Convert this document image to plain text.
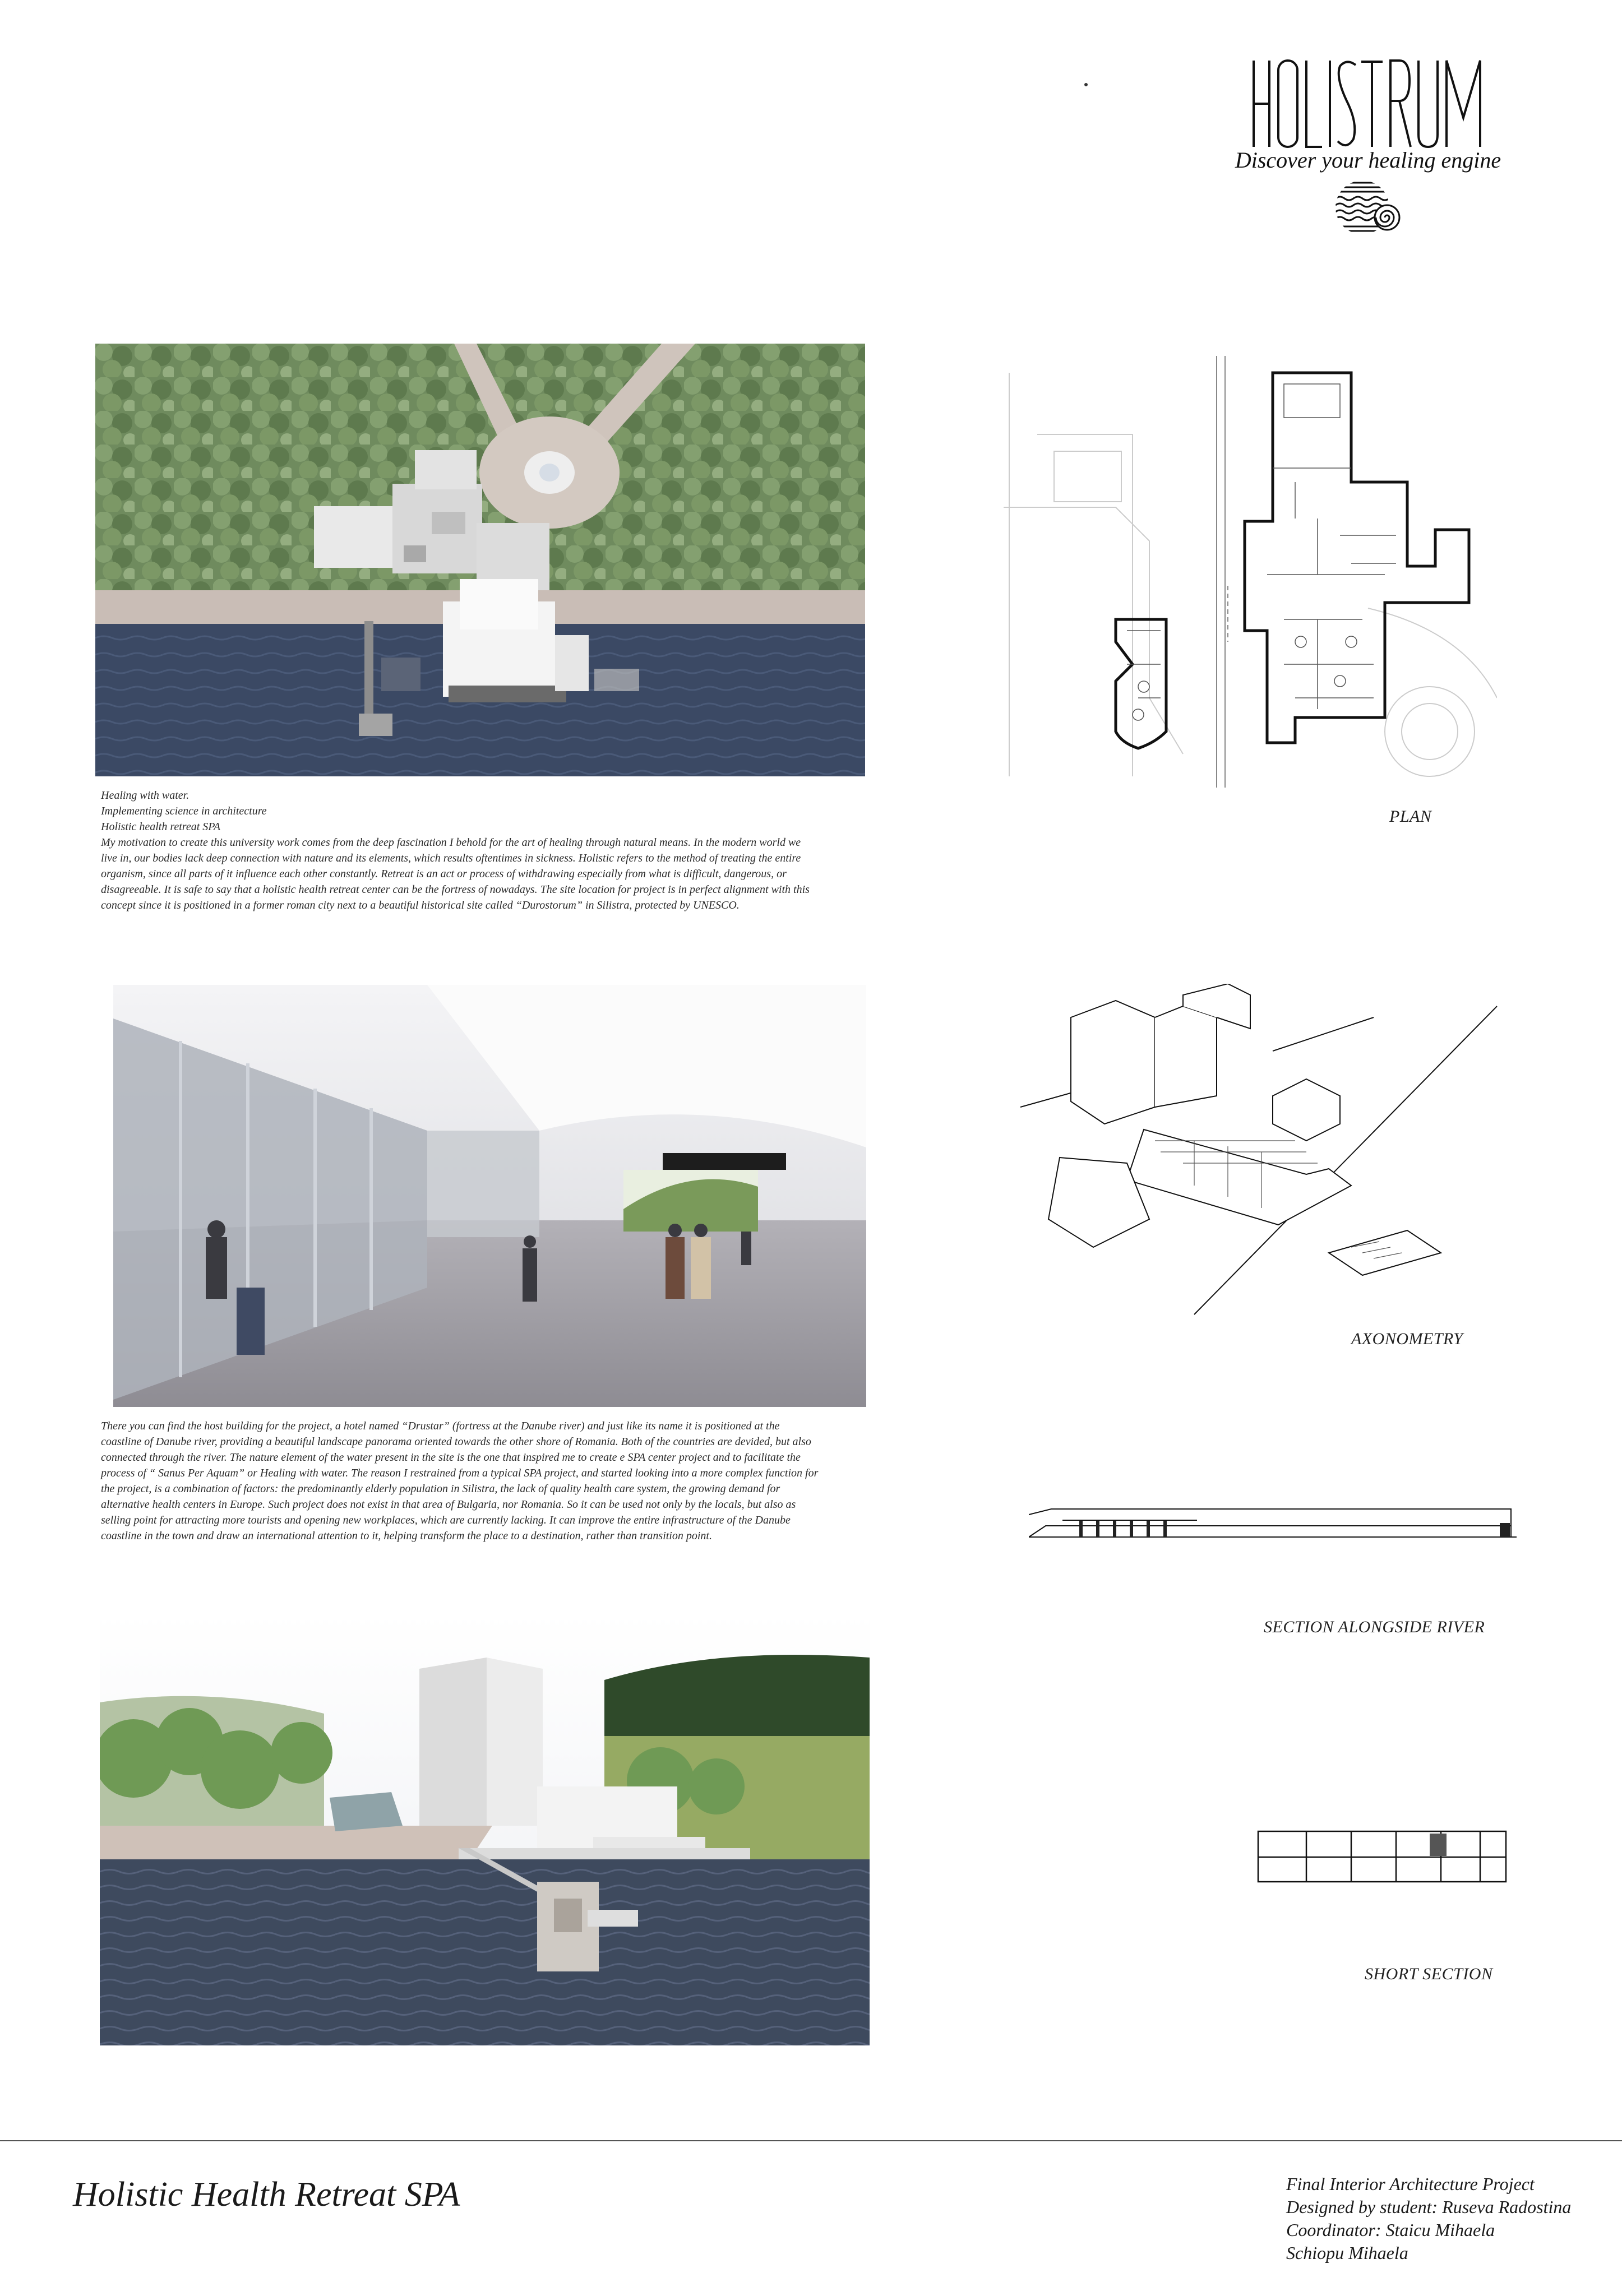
Discover your healing engine
Healing with water.
Implementing science in architecture
Holistic health retreat SPA
My motivation to create this university work comes from the deep fascination I behold for the art of healing through natural means. In the modern world we live in, our bodies lack deep connection with nature and its elements, which results oftentimes in sickness. Holistic refers to the method of treating the entire organism, since all parts of it influence each other constantly. Retreat is an act or process of withdrawing especially from what is difficult, dangerous, or disagreeable. It is safe to say that a holistic health retreat center can be the fortress of nowadays. The site location for project is in perfect alignment with this concept since it is positioned in a former roman city next to a beautiful historical site called “Durostorum” in Silistra, protected by UNESCO.
PLAN
AXONOMETRY
There you can find the host building for the project, a hotel named “Drustar” (fortress at the Danube river) and just like its name it is positioned at the coastline of Danube river, providing a beautiful landscape panorama oriented towards the other shore of Romania. Both of the countries are devided, but also connected through the river. The nature element of the water present in the site is the one that inspired me to create e SPA center project and to facilitate the process of “ Sanus Per Aquam” or Healing with water. The reason I restrained from a typical SPA project, and started looking into a more complex function for the project, is a combination of factors: the predominantly elderly population in Silistra, the lack of quality health care system, the growing demand for alternative health centers in Europe. Such project does not exist in that area of Bulgaria, nor Romania. So it can be used not only by the locals, but also as selling point for attracting more tourists and opening new workplaces, which are currently lacking. It can improve the entire infrastructure of the Danube coastline in the town and draw an international attention to it, helping transform the place to a destination, rather than transition point.
SECTION ALONGSIDE RIVER
SHORT SECTION
Holistic Health Retreat SPA	Final Interior Architecture Project
Designed by student: Ruseva Radostina
Coordinator: Staicu Mihaela
Schiopu Mihaela
